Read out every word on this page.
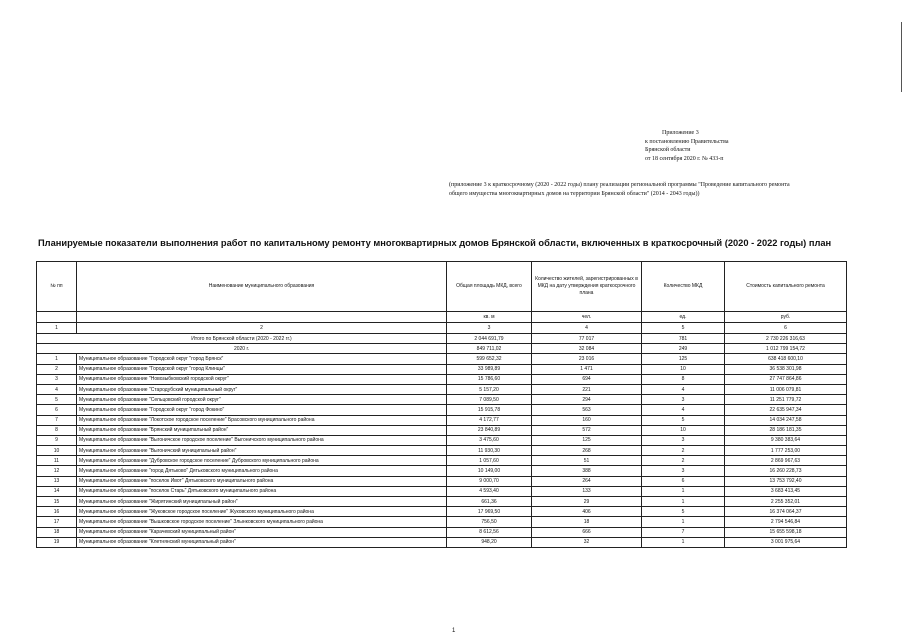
Приложение 3
к постановлению Правительства
Брянской области
от 18 сентября 2020 г. № 433-п
(приложение 3 к краткосрочному (2020 - 2022 годы) плану реализации региональной программы "Проведение капитального ремонта общего имущества многоквартирных домов на территории Брянской области" (2014 - 2043 годы))
Планируемые показатели выполнения работ по капитальному ремонту многоквартирных домов Брянской области, включенных в краткосрочный (2020 - 2022 годы) план
№ пп	Наименование муниципального образования	Общая площадь МКД, всего	Количество жителей, зарегистрированных в МКД на дату утверждения краткосрочного плана	Количество МКД	Стоимость капитального ремонта
		кв. м	чел.	ед.	руб.
1	2	3	4	5	6
Итого по Брянской области (2020 - 2022 гг.)		2 044 691,79	77 017	781	2 730 226 316,63
2020 г.		849 711,02	32 084	249	1 012 799 154,72
1	Муниципальное образование "Городской округ "город Брянск"	599 652,32	23 016	125	638 418 600,10
2	Муниципальное образование "Городской округ "город Клинцы"	33 989,89	1 471	10	36 538 301,98
3	Муниципальное образование "Новозыбковский городской округ"	15 786,60	694	8	27 747 864,86
4	Муниципальное образование "Стародубский муниципальный округ"	5 157,20	221	4	11 006 079,81
5	Муниципальное образование "Сельцовский городской округ"	7 089,50	294	3	11 251 779,72
6	Муниципальное образование "Городской округ "город Фокино"	15 915,78	563	4	22 635 947,34
7	Муниципальное образование "Локотское городское поселение" Брасовского муниципального района	4 172,77	160	5	14 034 247,58
8	Муниципальное образование "Брянский муниципальный район"	23 840,89	572	10	28 186 181,35
9	Муниципальное образование "Выгоничское городское поселение" Выгоничского муниципального района	3 475,60	125	3	9 380 383,64
10	Муниципальное образование "Выгоничский муниципальный район"	11 930,30	268	2	1 777 253,00
11	Муниципальное образование "Дубровское городское поселение" Дубровского муниципального района	1 057,60	51	2	2 869 967,63
12	Муниципальное образование "город Дятьково" Дятьковского муниципального района	10 149,00	388	3	16 260 228,73
13	Муниципальное образование "поселок Ивот" Дятьковского муниципального района	9 000,70	264	6	13 753 792,40
14	Муниципальное образование "поселок Старь" Дятьковского муниципального района	4 593,40	133	1	3 683 413,45
15	Муниципальное образование "Жирятинский муниципальный район"	661,36	29	1	2 255 352,01
16	Муниципальное образование "Жуковское городское поселение" Жуковского муниципального района	17 969,50	406	5	16 374 064,37
17	Муниципальное образование "Вышковское городское поселение" Злынковского муниципального района	756,50	18	1	2 794 546,84
18	Муниципальное образование "Карачевский муниципальный район"	8 612,56	666	7	15 655 598,18
19	Муниципальное образование "Клетнянский муниципальный район"	948,20	32	1	3 001 975,64
1
